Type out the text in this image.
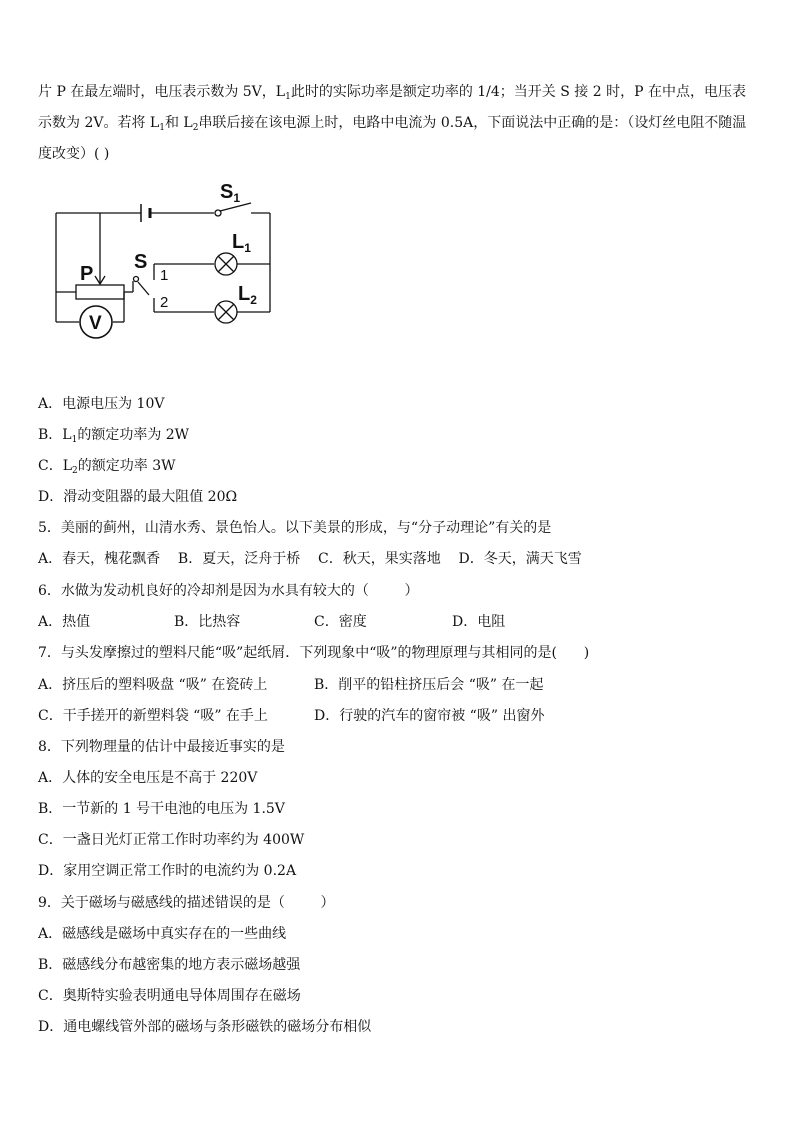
片 P 在最左端时，电压表示数为 5V，$L_1$此时的实际功率是额定功率的 1/4；当开关 S 接 2 时，P 在中点，电压表示数为 2V。若将 $L_1$和 $L_2$串联后接在该电源上时，电路中电流为 0.5A，下面说法中正确的是：（设灯丝电阻不随温度改变）( )
$S_1$
$L_1$
$L_2$
P
S
V
1
2
A．电源电压为 10V
B．$L_1$的额定功率为 2W
C．$L_2$的额定功率 3W
D．滑动变阻器的最大阻值 20Ω
5．美丽的蓟州，山清水秀、景色怡人。以下美景的形成，与“分子动理论”有关的是
A．春天，槐花飘香    B．夏天，泛舟于桥    C．秋天，果实落地    D．冬天，满天飞雪
6．水做为发动机良好的冷却剂是因为水具有较大的（        ）
A．热值	B．比热容	C．密度	D．电阻
7．与头发摩擦过的塑料尺能“吸”起纸屑．下列现象中“吸”的物理原理与其相同的是(      )
A．挤压后的塑料吸盘 “吸” 在瓷砖上	B．削平的铅柱挤压后会 “吸” 在一起
C．干手搓开的新塑料袋 “吸” 在手上	D．行驶的汽车的窗帘被 “吸” 出窗外
8．下列物理量的估计中最接近事实的是
A．人体的安全电压是不高于 220V
B．一节新的 1 号干电池的电压为 1.5V
C．一盏日光灯正常工作时功率约为 400W
D．家用空调正常工作时的电流约为 0.2A
9．关于磁场与磁感线的描述错误的是（        ）
A．磁感线是磁场中真实存在的一些曲线
B．磁感线分布越密集的地方表示磁场越强
C．奥斯特实验表明通电导体周围存在磁场
D．通电螺线管外部的磁场与条形磁铁的磁场分布相似
